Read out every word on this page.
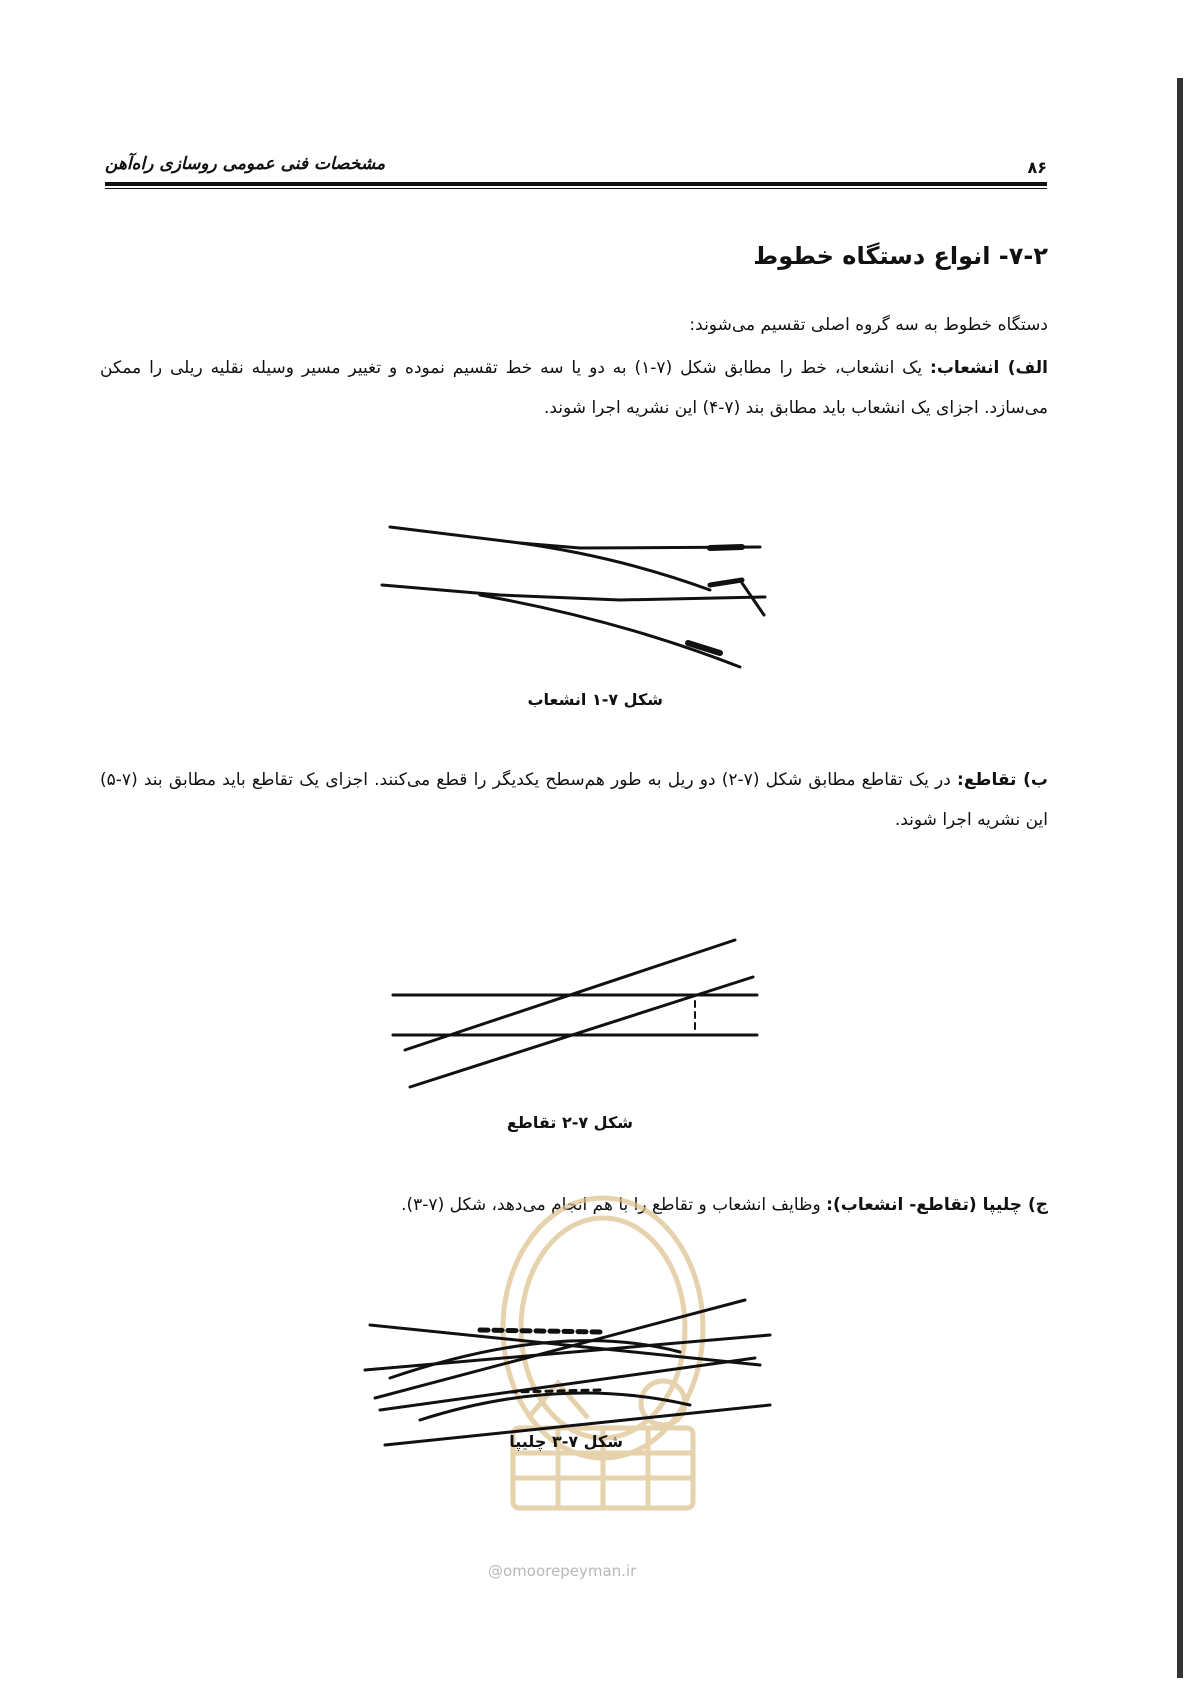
۸۶
مشخصات فنی عمومی روسازی راه‌آهن
۷-۲- انواع دستگاه خطوط
دستگاه خطوط به سه گروه اصلی تقسیم می‌شوند:
الف) انشعاب: یک انشعاب، خط را مطابق شکل (۷-۱) به دو یا سه خط تقسیم نموده و تغییر مسیر وسیله نقلیه ریلی را ممکن می‌سازد. اجزای یک انشعاب باید مطابق بند (۷-۴) این نشریه اجرا شوند.
شکل ۷-۱ انشعاب
ب) تقاطع: در یک تقاطع مطابق شکل (۷-۲) دو ریل به طور هم‌سطح یکدیگر را قطع می‌کنند. اجزای یک تقاطع باید مطابق بند (۷-۵) این نشریه اجرا شوند.
شکل ۷-۲ تقاطع
ج) چلیپا (تقاطع- انشعاب): وظایف انشعاب و تقاطع را با هم انجام می‌دهد، شکل (۷-۳).
شکل ۷-۳ چلیپا
@omoorepeyman.ir
